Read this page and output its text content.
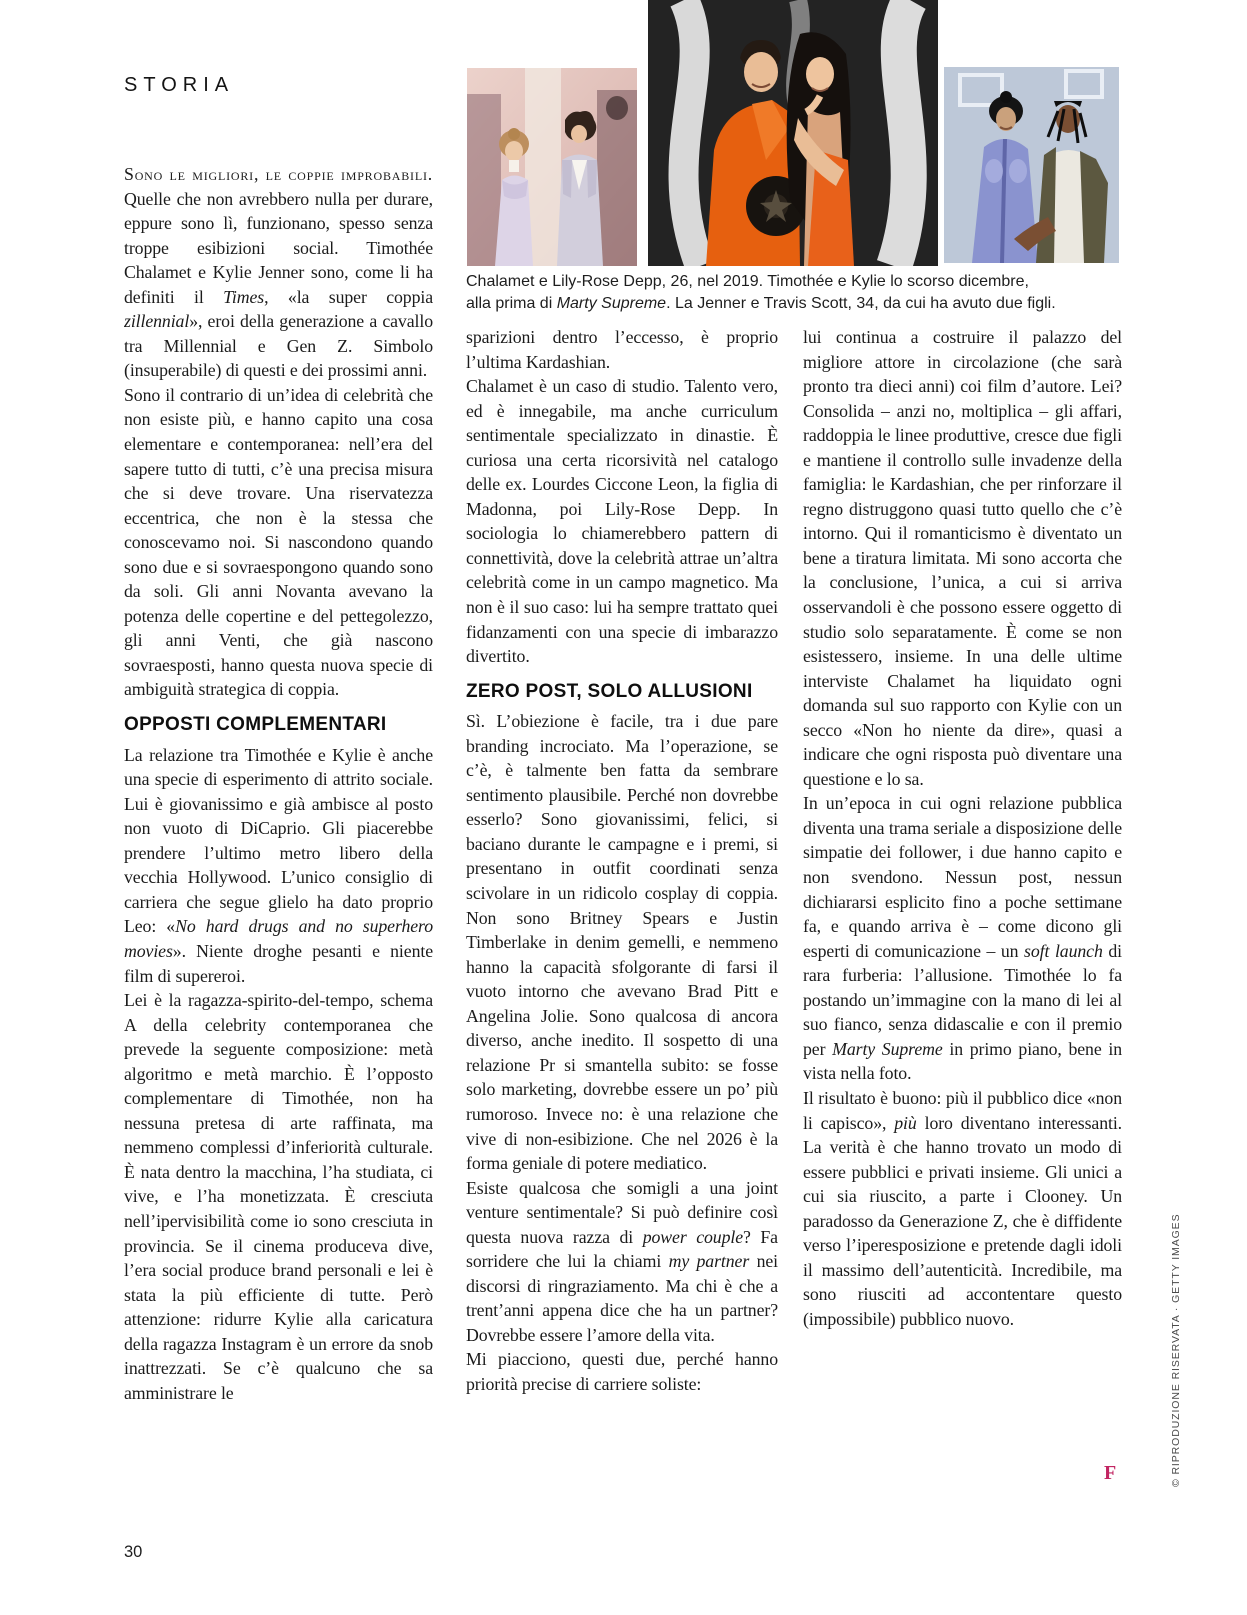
STORIA
Chalamet e Lily-Rose Depp, 26, nel 2019. Timothée e Kylie lo scorso dicembre,
alla prima di Marty Supreme. La Jenner e Travis Scott, 34, da cui ha avuto due figli.

Sono le migliori, le coppie improbabili. Quelle che non avrebbero nulla per durare, eppure sono lì, funzionano, spesso senza troppe esibizioni social. Timothée Chalamet e Kylie Jenner sono, come li ha definiti il Times, «la super coppia zillennial», eroi della generazione a cavallo tra Millennial e Gen Z. Simbolo (insuperabile) di questi e dei prossimi anni.

Sono il contrario di un’idea di celebrità che non esiste più, e hanno capito una cosa elementare e contemporanea: nell’era del sapere tutto di tutti, c’è una precisa misura che si deve trovare. Una riservatezza eccentrica, che non è la stessa che conoscevamo noi. Si nascondono quando sono due e si sovraespongono quando sono da soli. Gli anni Novanta avevano la potenza delle copertine e del pettegolezzo, gli anni Venti, che già nascono sovraesposti, hanno questa nuova specie di ambiguità strategica di coppia.

OPPOSTI COMPLEMENTARI

La relazione tra Timothée e Kylie è anche una specie di esperimento di attrito sociale. Lui è giovanissimo e già ambisce al posto non vuoto di DiCaprio. Gli piacerebbe prendere l’ultimo metro libero della vecchia Hollywood. L’unico consiglio di carriera che segue glielo ha dato proprio Leo: «No hard drugs and no superhero movies». Niente droghe pesanti e niente film di supereroi.

Lei è la ragazza-spirito-del-tempo, schema A della celebrity contemporanea che prevede la seguente composizione: metà algoritmo e metà marchio. È l’opposto complementare di Timothée, non ha nessuna pretesa di arte raffinata, ma nemmeno complessi d’inferiorità culturale. È nata dentro la macchina, l’ha studiata, ci vive, e l’ha monetizzata. È cresciuta nell’ipervisibilità come io sono cresciuta in provincia. Se il cinema produceva dive, l’era social produce brand personali e lei è stata la più efficiente di tutte. Però attenzione: ridurre Kylie alla caricatura della ragazza Instagram è un errore da snob inattrezzati. Se c’è qualcuno che sa amministrare le

sparizioni dentro l’eccesso, è proprio l’ultima Kardashian.

Chalamet è un caso di studio. Talento vero, ed è innegabile, ma anche curriculum sentimentale specializzato in dinastie. È curiosa una certa ricorsività nel catalogo delle ex. Lourdes Ciccone Leon, la figlia di Madonna, poi Lily-Rose Depp. In sociologia lo chiamerebbero pattern di connettività, dove la celebrità attrae un’altra celebrità come in un campo magnetico. Ma non è il suo caso: lui ha sempre trattato quei fidanzamenti con una specie di imbarazzo divertito.

ZERO POST, SOLO ALLUSIONI

Sì. L’obiezione è facile, tra i due pare branding incrociato. Ma l’operazione, se c’è, è talmente ben fatta da sembrare sentimento plausibile. Perché non dovrebbe esserlo? Sono giovanissimi, felici, si baciano durante le campagne e i premi, si presentano in outfit coordinati senza scivolare in un ridicolo cosplay di coppia. Non sono Britney Spears e Justin Timberlake in denim gemelli, e nemmeno hanno la capacità sfolgorante di farsi il vuoto intorno che avevano Brad Pitt e Angelina Jolie. Sono qualcosa di ancora diverso, anche inedito. Il sospetto di una relazione Pr si smantella subito: se fosse solo marketing, dovrebbe essere un po’ più rumoroso. Invece no: è una relazione che vive di non-esibizione. Che nel 2026 è la forma geniale di potere mediatico.

Esiste qualcosa che somigli a una joint venture sentimentale? Si può definire così questa nuova razza di power couple? Fa sorridere che lui la chiami my partner nei discorsi di ringraziamento. Ma chi è che a trent’anni appena dice che ha un partner? Dovrebbe essere l’amore della vita.

Mi piacciono, questi due, perché hanno priorità precise di carriere soliste:

lui continua a costruire il palazzo del migliore attore in circolazione (che sarà pronto tra dieci anni) coi film d’autore. Lei? Consolida – anzi no, moltiplica – gli affari, raddoppia le linee produttive, cresce due figli e mantiene il controllo sulle invadenze della famiglia: le Kardashian, che per rinforzare il regno distruggono quasi tutto quello che c’è intorno. Qui il romanticismo è diventato un bene a tiratura limitata. Mi sono accorta che la conclusione, l’unica, a cui si arriva osservandoli è che possono essere oggetto di studio solo separatamente. È come se non esistessero, insieme. In una delle ultime interviste Chalamet ha liquidato ogni domanda sul suo rapporto con Kylie con un secco «Non ho niente da dire», quasi a indicare che ogni risposta può diventare una questione e lo sa.

In un’epoca in cui ogni relazione pubblica diventa una trama seriale a disposizione delle simpatie dei follower, i due hanno capito e non svendono. Nessun post, nessun dichiararsi esplicito fino a poche settimane fa, e quando arriva è – come dicono gli esperti di comunicazione – un soft launch di rara furberia: l’allusione. Timothée lo fa postando un’immagine con la mano di lei al suo fianco, senza didascalie e con il premio per Marty Supreme in primo piano, bene in vista nella foto.

Il risultato è buono: più il pubblico dice «non li capisco», più loro diventano interessanti. La verità è che hanno trovato un modo di essere pubblici e privati insieme. Gli unici a cui sia riuscito, a parte i Clooney. Un paradosso da Generazione Z, che è diffidente verso l’iperesposizione e pretende dagli idoli il massimo dell’autenticità. Incredibile, ma sono riusciti ad accontentare questo (impossibile) pubblico nuovo.

F
30
© RIPRODUZIONE RISERVATA · GETTY IMAGES
